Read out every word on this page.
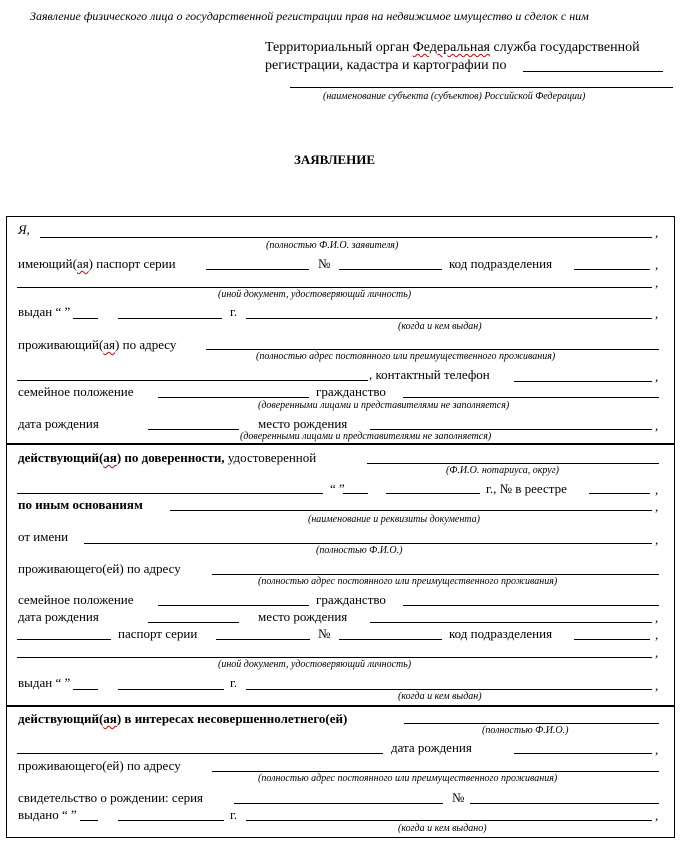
Заявление физического лица о государственной регистрации прав на недвижимое имущество и сделок с ним
Территориальный орган Федеральная служба государственной
регистрации, кадастра и картографии по
(наименование субъекта (субъектов) Российской Федерации)
ЗАЯВЛЕНИЕ
Я,	,
(полностью Ф.И.О. заявителя)
имеющий(ая) паспорт серии	№	код подразделения	,
,
(иной документ, удостоверяющий личность)
выдан “ ”	г.	,
(когда и кем выдан)
проживающий(ая) по адресу
(полностью адрес постоянного или преимущественного проживания)
, контактный телефон	,
семейное положение	гражданство
(доверенными лицами и представителями не заполняется)
дата рождения	место рождения	,
(доверенными лицами и представителями не заполняется)
действующий(ая) по доверенности, удостоверенной
(Ф.И.О. нотариуса, округ)
“ ”	г., № в реестре	,
по иным основаниям	,
(наименование и реквизиты документа)
от имени	,
(полностью Ф.И.О.)
проживающего(ей) по адресу
(полностью адрес постоянного или преимущественного проживания)
семейное положение	гражданство
дата рождения	место рождения	,
паспорт серии	№	код подразделения	,
,
(иной документ, удостоверяющий личность)
выдан “ ”	г.	,
(когда и кем выдан)
действующий(ая) в интересах несовершеннолетнего(ей)
(полностью Ф.И.О.)
дата рождения	,
проживающего(ей) по адресу
(полностью адрес постоянного или преимущественного проживания)
свидетельство о рождении: серия	№
выдано “ ”	г.	,
(когда и кем выдано)
